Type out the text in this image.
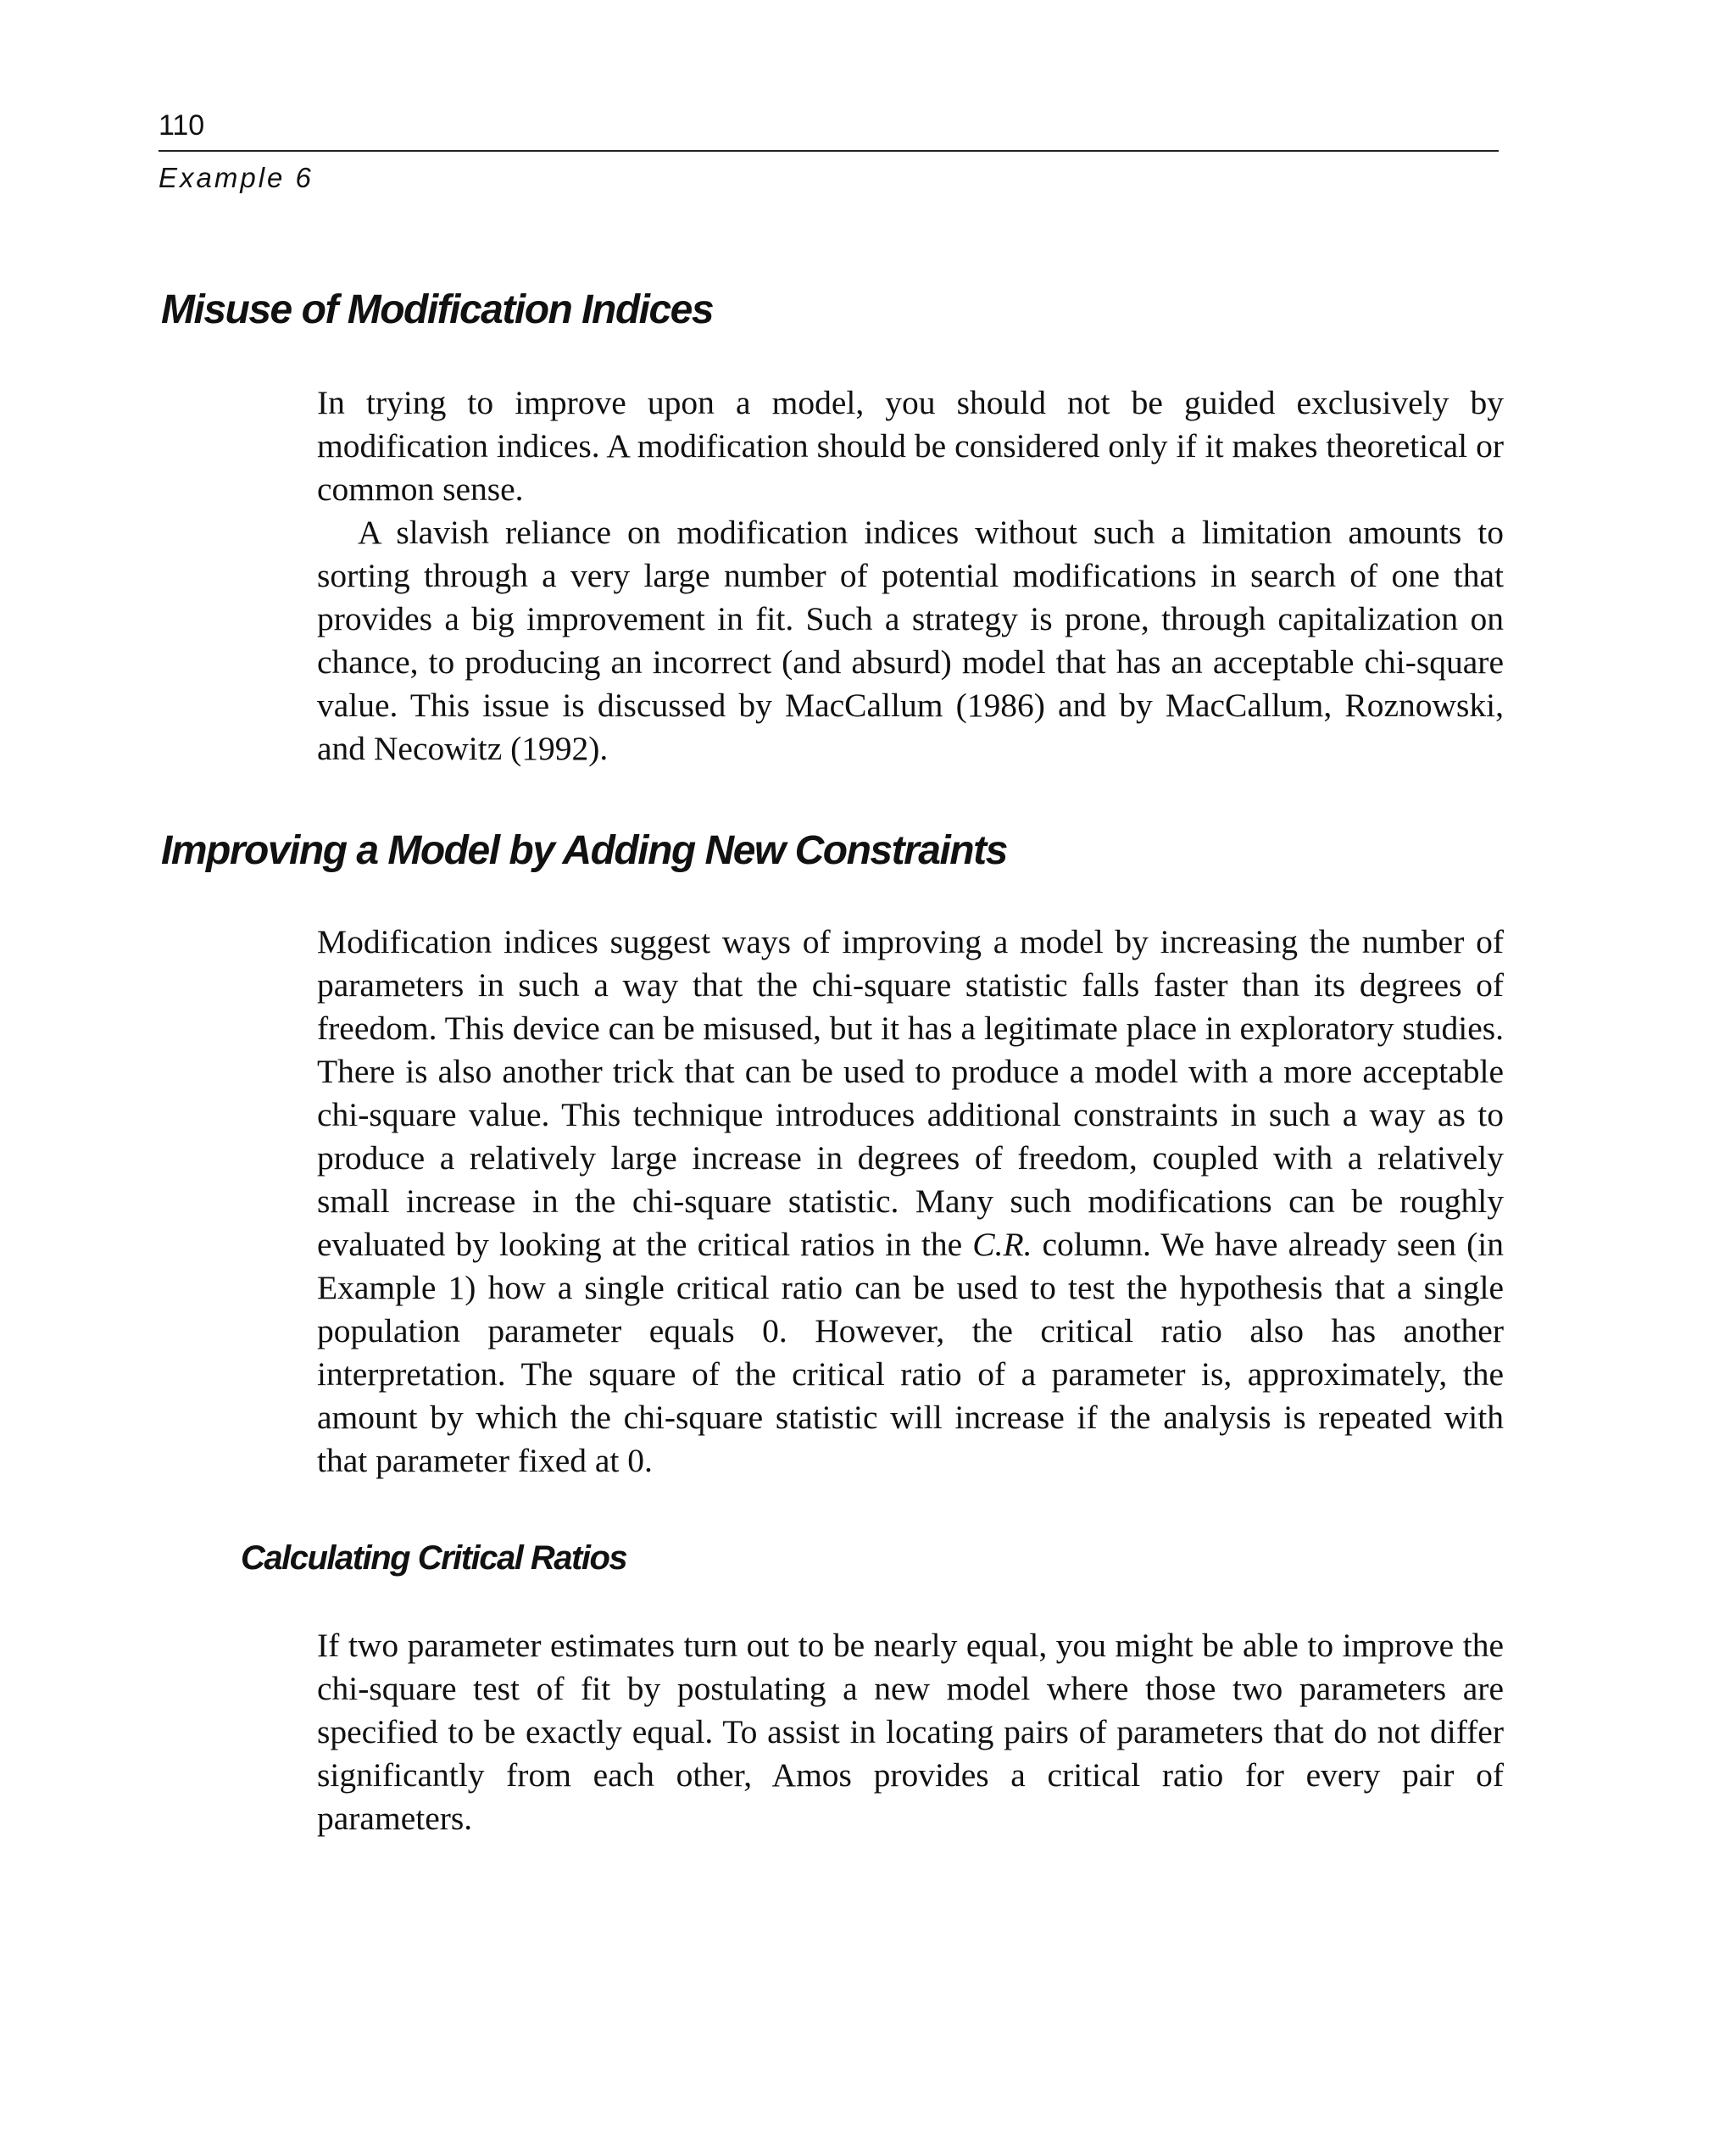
110
Example 6
Misuse of Modification Indices

In trying to improve upon a model, you should not be guided exclusively by modification indices. A modification should be considered only if it makes theoretical or common sense.

A slavish reliance on modification indices without such a limitation amounts to sorting through a very large number of potential modifications in search of one that provides a big improvement in fit. Such a strategy is prone, through capitalization on chance, to producing an incorrect (and absurd) model that has an acceptable chi-square value. This issue is discussed by MacCallum (1986) and by MacCallum, Roznowski, and Necowitz (1992).

Improving a Model by Adding New Constraints

Modification indices suggest ways of improving a model by increasing the number of parameters in such a way that the chi-square statistic falls faster than its degrees of freedom. This device can be misused, but it has a legitimate place in exploratory studies. There is also another trick that can be used to produce a model with a more acceptable chi-square value. This technique introduces additional constraints in such a way as to produce a relatively large increase in degrees of freedom, coupled with a relatively small increase in the chi-square statistic. Many such modifications can be roughly evaluated by looking at the critical ratios in the C.R. column. We have already seen (in Example 1) how a single critical ratio can be used to test the hypothesis that a single population parameter equals 0. However, the critical ratio also has another interpretation. The square of the critical ratio of a parameter is, approximately, the amount by which the chi-square statistic will increase if the analysis is repeated with that parameter fixed at 0.

Calculating Critical Ratios

If two parameter estimates turn out to be nearly equal, you might be able to improve the chi-square test of fit by postulating a new model where those two parameters are specified to be exactly equal. To assist in locating pairs of parameters that do not differ significantly from each other, Amos provides a critical ratio for every pair of parameters.
